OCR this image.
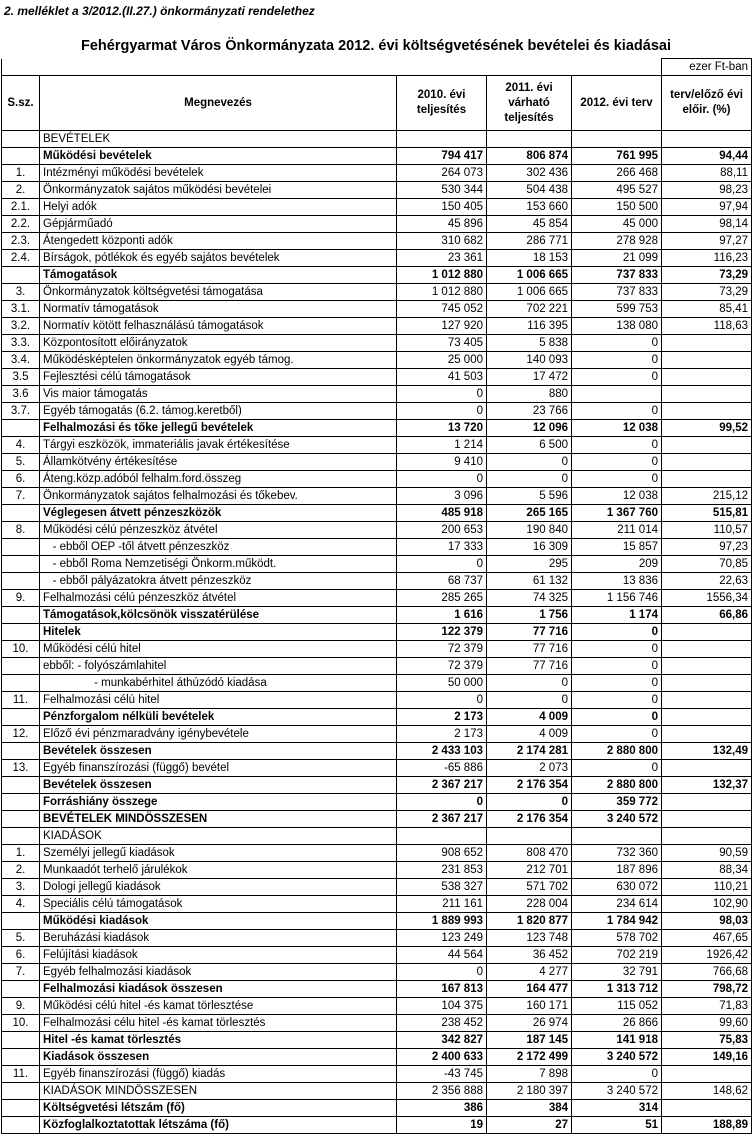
2. melléklet a 3/2012.(II.27.) önkormányzati rendelethez
Fehérgyarmat Város Önkormányzata 2012. évi költségvetésének bevételei és kiadásai
					ezer Ft-ban
S.sz.	Megnevezés	2010. évi teljesítés	2011. évi várható teljesítés	2012. évi terv	terv/előző évi előir. (%)
	BEVÉTELEK				
	Működési bevételek	794 417	806 874	761 995	94,44
1.	Intézményi működési bevételek	264 073	302 436	266 468	88,11
2.	Önkormányzatok sajátos működési bevételei	530 344	504 438	495 527	98,23
2.1.	Helyi adók	150 405	153 660	150 500	97,94
2.2.	Gépjárműadó	45 896	45 854	45 000	98,14
2.3.	Átengedett központi adók	310 682	286 771	278 928	97,27
2.4.	Bírságok, pótlékok és egyéb sajátos bevételek	23 361	18 153	21 099	116,23
	Támogatások	1 012 880	1 006 665	737 833	73,29
3.	Önkormányzatok költségvetési támogatása	1 012 880	1 006 665	737 833	73,29
3.1.	Normatív támogatások	745 052	702 221	599 753	85,41
3.2.	Normatív kötött felhasználású támogatások	127 920	116 395	138 080	118,63
3.3.	Központosított előirányzatok	73 405	5 838	0	
3.4.	Működésképtelen önkormányzatok egyéb támog.	25 000	140 093	0	
3.5	Fejlesztési célú támogatások	41 503	17 472	0	
3.6	Vis maior támogatás	0	880		
3.7.	Egyéb támogatás (6.2. támog.keretből)	0	23 766	0	
	Felhalmozási és tőke jellegű bevételek	13 720	12 096	12 038	99,52
4.	Tárgyi eszközök, immateriális javak értékesítése	1 214	6 500	0	
5.	Államkötvény értékesítése	9 410	0	0	
6.	Áteng.közp.adóból felhalm.ford.összeg	0	0	0	
7.	Önkormányzatok sajátos felhalmozási és tőkebev.	3 096	5 596	12 038	215,12
	Véglegesen átvett pénzeszközök	485 918	265 165	1 367 760	515,81
8.	Működési célú pénzeszköz átvétel	200 653	190 840	211 014	110,57
	- ebből OEP -től átvett pénzeszköz	17 333	16 309	15 857	97,23
	- ebből Roma Nemzetiségi Önkorm.működt.	0	295	209	70,85
	- ebből pályázatokra átvett pénzeszköz	68 737	61 132	13 836	22,63
9.	Felhalmozási célú pénzeszköz átvétel	285 265	74 325	1 156 746	1556,34
	Támogatások,kölcsönök visszatérülése	1 616	1 756	1 174	66,86
	Hitelek	122 379	77 716	0	
10.	Működési célú hitel	72 379	77 716	0	
	ebből: - folyószámlahitel	72 379	77 716	0	
	- munkabérhitel áthúzódó kiadása	50 000	0	0	
11.	Felhalmozási célú hitel	0	0	0	
	Pénzforgalom nélküli bevételek	2 173	4 009	0	
12.	Előző évi pénzmaradvány igénybevétele	2 173	4 009	0	
	Bevételek összesen	2 433 103	2 174 281	2 880 800	132,49
13.	Egyéb finanszírozási (függő) bevétel	-65 886	2 073	0	
	Bevételek összesen	2 367 217	2 176 354	2 880 800	132,37
	Forráshiány összege	0	0	359 772	
	BEVÉTELEK MINDÖSSZESEN	2 367 217	2 176 354	3 240 572	
	KIADÁSOK				
1.	Személyi jellegű kiadások	908 652	808 470	732 360	90,59
2.	Munkaadót terhelő járulékok	231 853	212 701	187 896	88,34
3.	Dologi jellegű kiadások	538 327	571 702	630 072	110,21
4.	Speciális célú támogatások	211 161	228 004	234 614	102,90
	Működési kiadások	1 889 993	1 820 877	1 784 942	98,03
5.	Beruházási kiadások	123 249	123 748	578 702	467,65
6.	Felújítási kiadások	44 564	36 452	702 219	1926,42
7.	Egyéb felhalmozási kiadások	0	4 277	32 791	766,68
	Felhalmozási kiadások összesen	167 813	164 477	1 313 712	798,72
9.	Működési célú hitel -és kamat törlesztése	104 375	160 171	115 052	71,83
10.	Felhalmozási célu hitel -és kamat törlesztés	238 452	26 974	26 866	99,60
	Hitel -és kamat törlesztés	342 827	187 145	141 918	75,83
	Kiadások összesen	2 400 633	2 172 499	3 240 572	149,16
11.	Egyéb finanszírozási (függő) kiadás	-43 745	7 898	0	
	KIADÁSOK MINDÖSSZESEN	2 356 888	2 180 397	3 240 572	148,62
	Költségvetési létszám (fő)	386	384	314	
	Közfoglalkoztatottak létszáma (fő)	19	27	51	188,89
